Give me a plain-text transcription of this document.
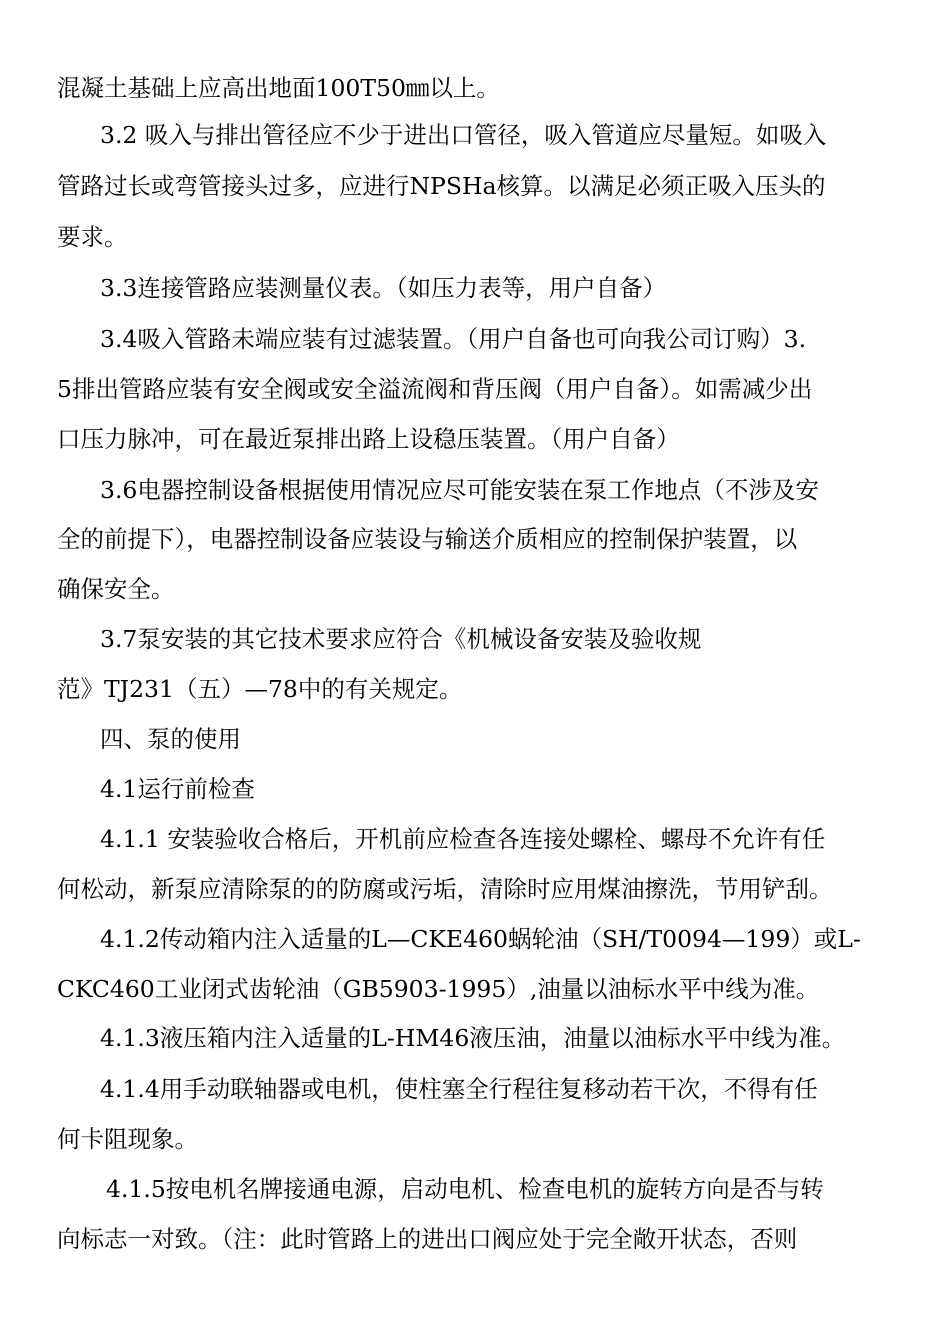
混凝土基础上应高出地面100T50㎜以上。
3.2 吸入与排出管径应不少于进出口管径，吸入管道应尽量短。如吸入
管路过长或弯管接头过多，应进行NPSHa核算。以满足必须正吸入压头的
要求。
3.3连接管路应装测量仪表。（如压力表等，用户自备）
3.4吸入管路未端应装有过滤装置。（用户自备也可向我公司订购）3.
5排出管路应装有安全阀或安全溢流阀和背压阀（用户自备）。如需减少出
口压力脉冲，可在最近泵排出路上设稳压装置。（用户自备）
3.6电器控制设备根据使用情况应尽可能安装在泵工作地点（不涉及安
全的前提下），电器控制设备应装设与输送介质相应的控制保护装置，以
确保安全。
3.7泵安装的其它技术要求应符合《机械设备安装及验收规
范》TJ231（五）—78中的有关规定。
四、泵的使用
4.1运行前检查
4.1.1 安装验收合格后，开机前应检查各连接处螺栓、螺母不允许有任
何松动，新泵应清除泵的的防腐或污垢，清除时应用煤油擦洗，节用铲刮。
4.1.2传动箱内注入适量的L—CKE460蜗轮油（SH/T0094—199）或L-
CKC460工业闭式齿轮油（GB5903-1995）,油量以油标水平中线为准。
4.1.3液压箱内注入适量的L-HM46液压油，油量以油标水平中线为准。
4.1.4用手动联轴器或电机，使柱塞全行程往复移动若干次，不得有任
何卡阻现象。
4.1.5按电机名牌接通电源，启动电机、检查电机的旋转方向是否与转
向标志一对致。（注：此时管路上的进出口阀应处于完全敞开状态，否则
